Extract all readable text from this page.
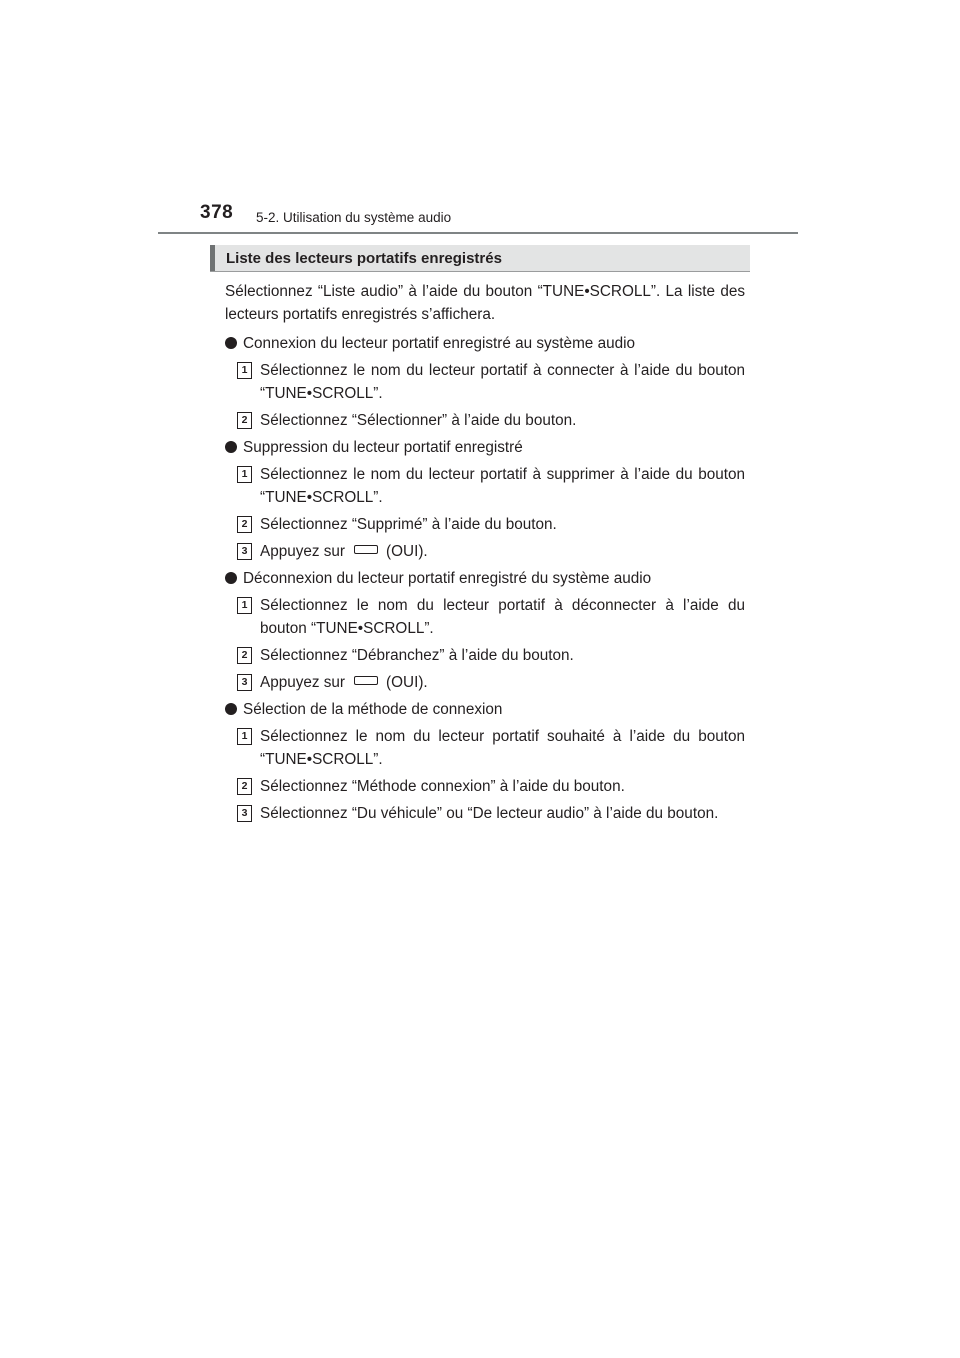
378 5-2. Utilisation du système audio
Liste des lecteurs portatifs enregistrés

Sélectionnez “Liste audio” à l’aide du bouton “TUNE•SCROLL”. La liste des lecteurs portatifs enregistrés s’affichera.

Connexion du lecteur portatif enregistré au système audio
1 Sélectionnez le nom du lecteur portatif à connecter à l’aide du bouton “TUNE•SCROLL”.
2 Sélectionnez “Sélectionner” à l’aide du bouton.
Suppression du lecteur portatif enregistré
1 Sélectionnez le nom du lecteur portatif à supprimer à l’aide du bouton “TUNE•SCROLL”.
2 Sélectionnez “Supprimé” à l’aide du bouton.
3 Appuyez sur	(OUI).
Déconnexion du lecteur portatif enregistré du système audio
1 Sélectionnez le nom du lecteur portatif à déconnecter à l’aide du bouton “TUNE•SCROLL”.
2 Sélectionnez “Débranchez” à l’aide du bouton.
3 Appuyez sur	(OUI).
Sélection de la méthode de connexion
1 Sélectionnez le nom du lecteur portatif souhaité à l’aide du bouton “TUNE•SCROLL”.
2 Sélectionnez “Méthode connexion” à l’aide du bouton.
3 Sélectionnez “Du véhicule” ou “De lecteur audio” à l’aide du bouton.
